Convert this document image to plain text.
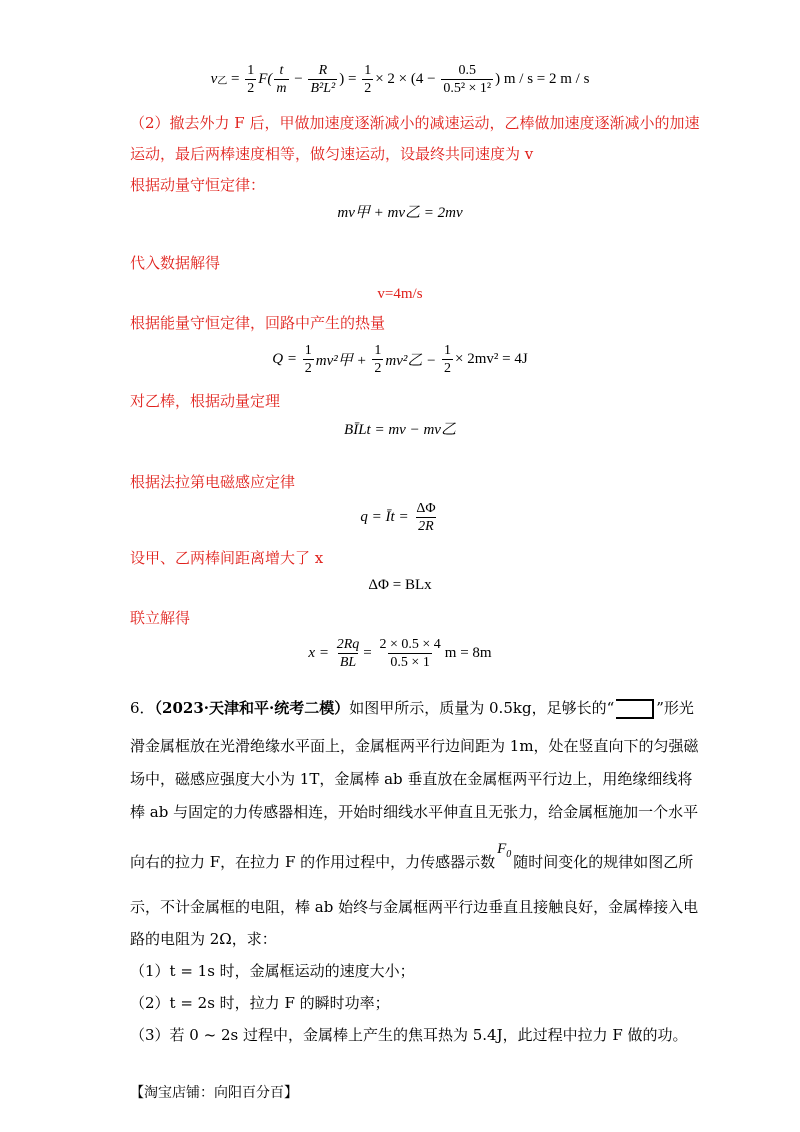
v 乙 = $\frac{1}{2} F( \frac{t}{m} - \frac{R}{\text{B²L²}}$ ) =
$\frac{1}{2} \times 2 \times (4$ −
$\frac{0.5}{\text{0.5² × 1²}}$ ) m / s = 2 m / s
（2）撤去外力 F 后，甲做加速度逐渐减小的减速运动，乙棒做加速度逐渐减小的加速
运动，最后两棒速度相等，做匀速运动，设最终共同速度为 v
根据动量守恒定律：
mv甲 + mv乙 = 2mv
代入数据解得
v=4m/s
根据能量守恒定律，回路中产生的热量
Q =
$\frac{1}{2} mv^2$甲 +
$\frac{1}{2} mv^2$乙 −
$\frac{1}{2} \times 2mv^2 = 4J$
对乙棒，根据动量定理
BĪLt = mv − mv乙
根据法拉第电磁感应定律
q = Īt =
$\frac{\Delta\Phi}{2R}$
设甲、乙两棒间距离增大了 x
ΔΦ = BLx
联立解得
x =
$\frac{2Rq}{BL}$ =
$\frac{2 \times 0.5 \times 4}{0.5 \times 1}$ m = 8m
6．（2023·天津和平·统考二模）如图甲所示，质量为 0.5kg，足够长的“	”形光
滑金属框放在光滑绝缘水平面上，金属框两平行边间距为 1m，处在竖直向下的匀强磁
场中，磁感应强度大小为 1T，金属棒 ab 垂直放在金属框两平行边上，用绝缘细线将
棒 ab 与固定的力传感器相连，开始时细线水平伸直且无张力，给金属框施加一个水平
向右的拉力 F，在拉力 F 的作用过程中，力传感器示数$F_0$ 随时间变化的规律如图乙所
示，不计金属框的电阻，棒 ab 始终与金属框两平行边垂直且接触良好，金属棒接入电
路的电阻为 2Ω，求：
（1）t = 1s 时，金属框运动的速度大小；
（2）t = 2s 时，拉力 F 的瞬时功率；
（3）若 0 ~ 2s 过程中，金属棒上产生的焦耳热为 5.4J，此过程中拉力 F 做的功。
【淘宝店铺：向阳百分百】
